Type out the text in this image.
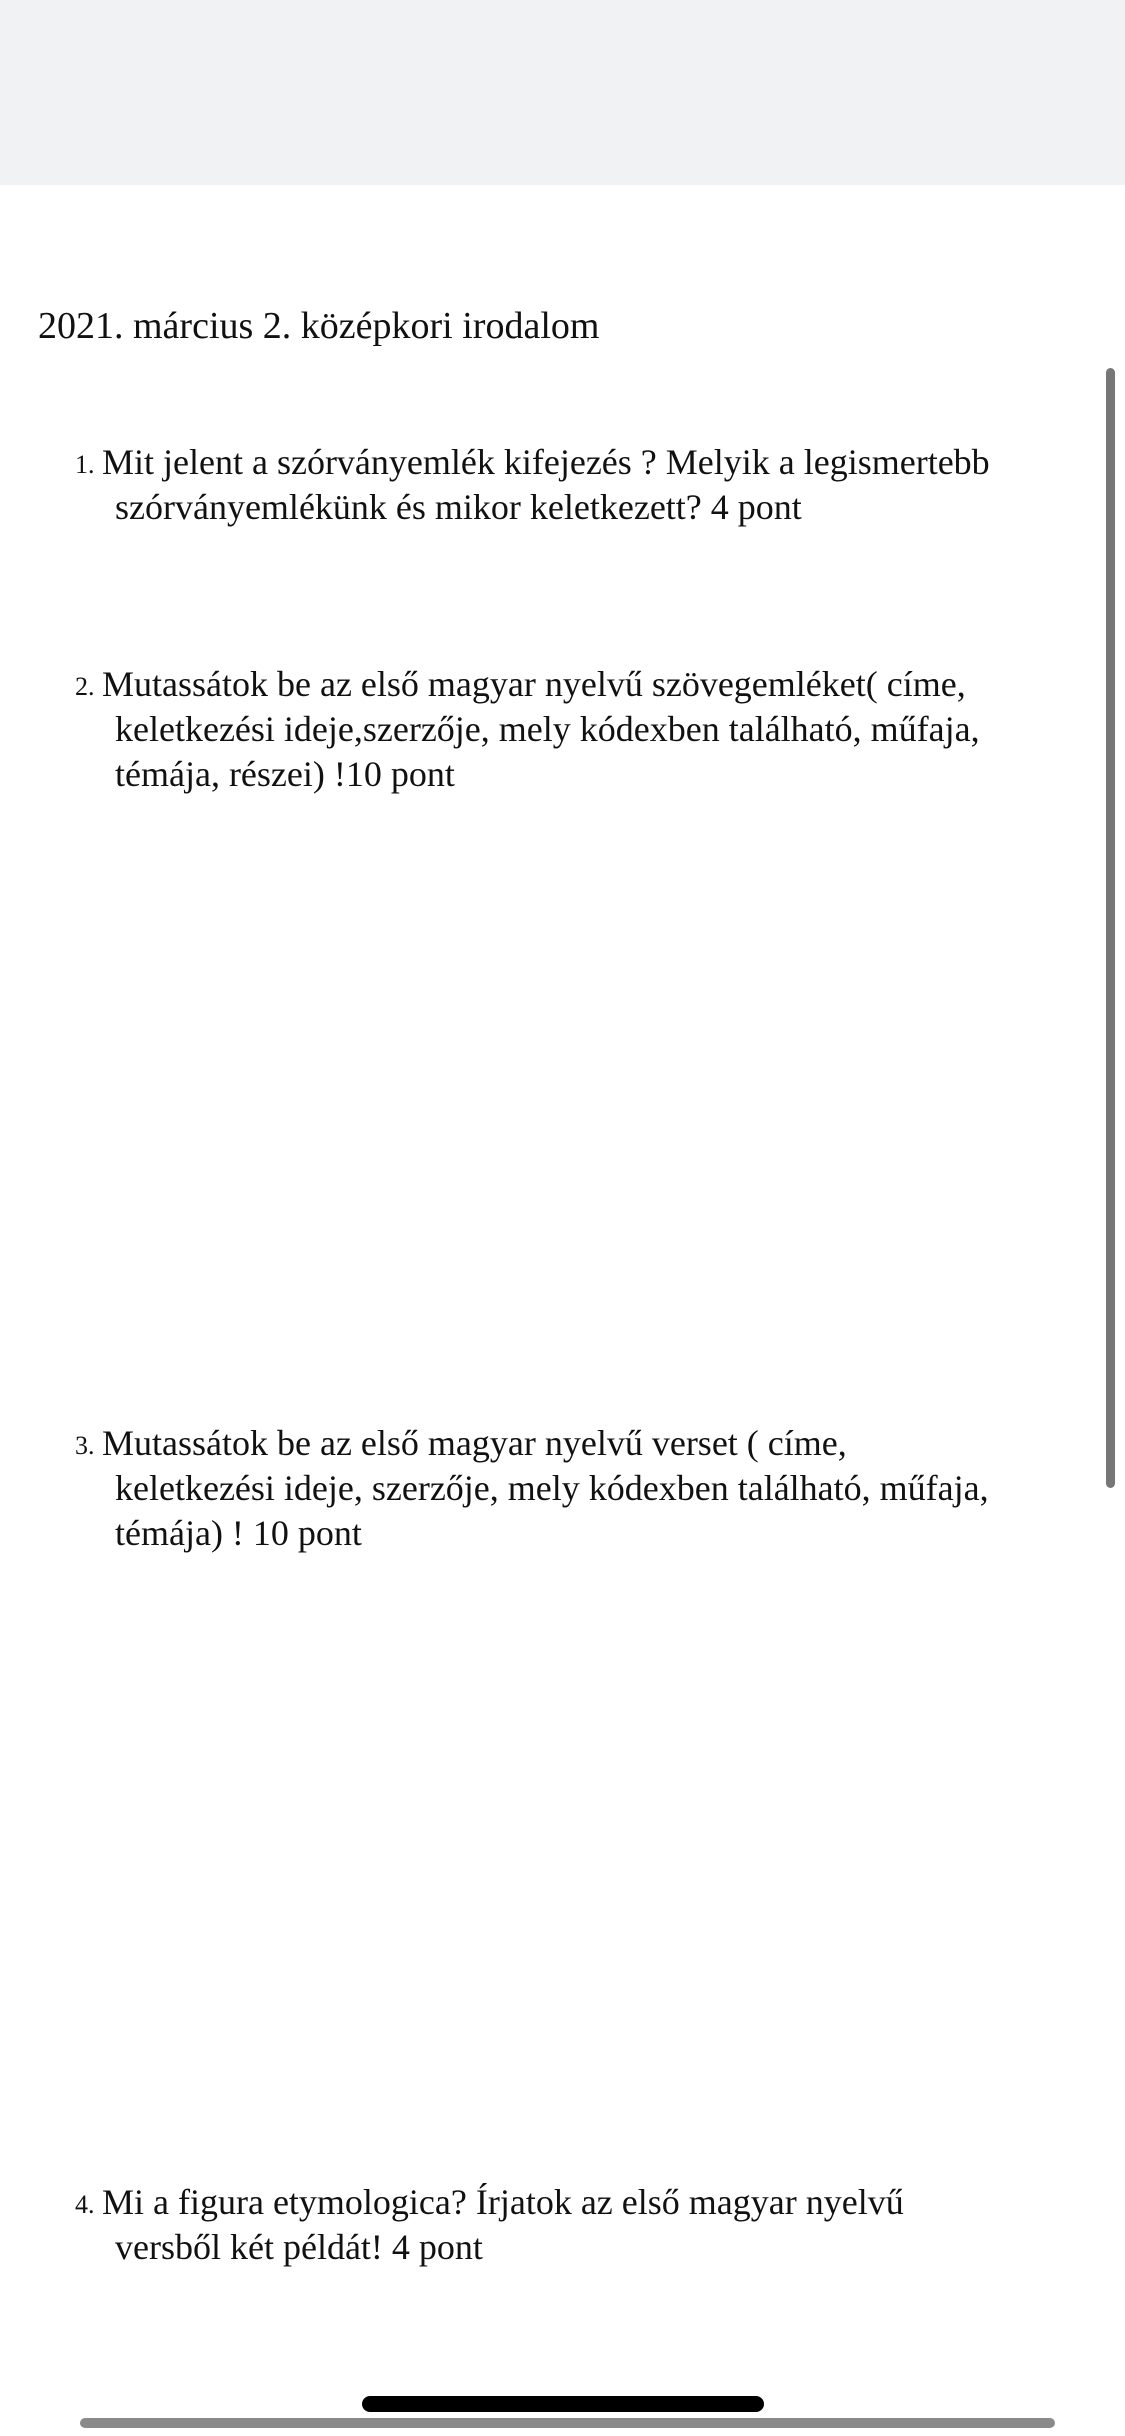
2021. március 2. középkori irodalom
1. Mit jelent a szórványemlék kifejezés ? Melyik a legismertebb
szórványemlékünk és mikor keletkezett? 4 pont
2. Mutassátok be az első magyar nyelvű szövegemléket( címe,
keletkezési ideje,szerzője, mely kódexben található, műfaja,
témája, részei) !10 pont
3. Mutassátok be az első magyar nyelvű verset ( címe,
keletkezési ideje, szerzője, mely kódexben található, műfaja,
témája) ! 10 pont
4. Mi a figura etymologica? Írjatok az első magyar nyelvű
versből két példát! 4 pont
